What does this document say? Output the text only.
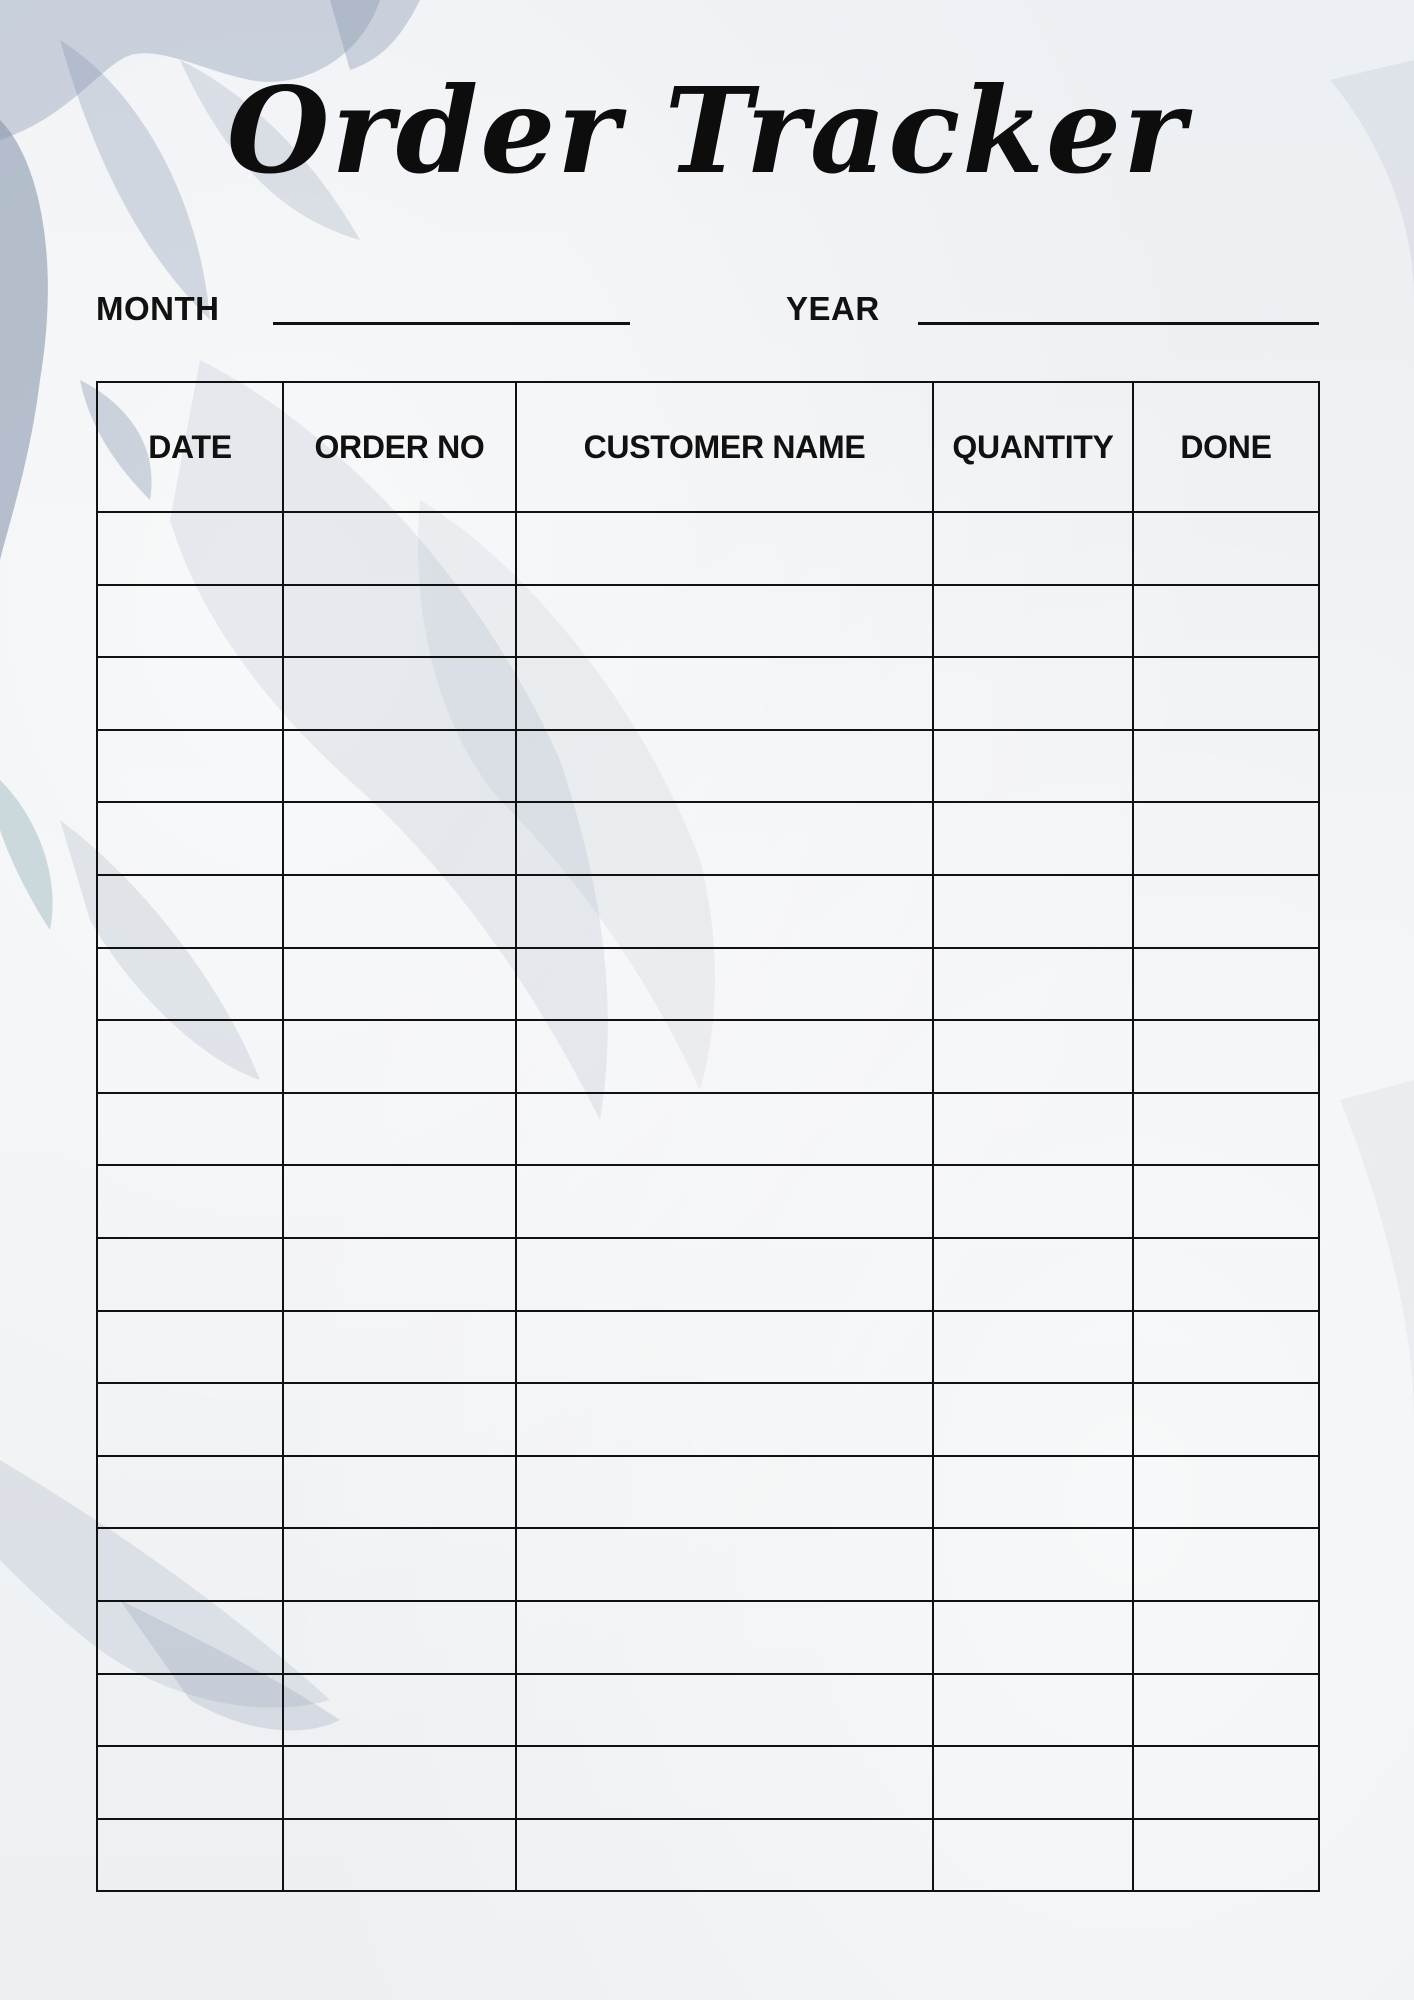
Order Tracker
MONTH	YEAR
DATE	ORDER NO	CUSTOMER NAME	QUANTITY	DONE
